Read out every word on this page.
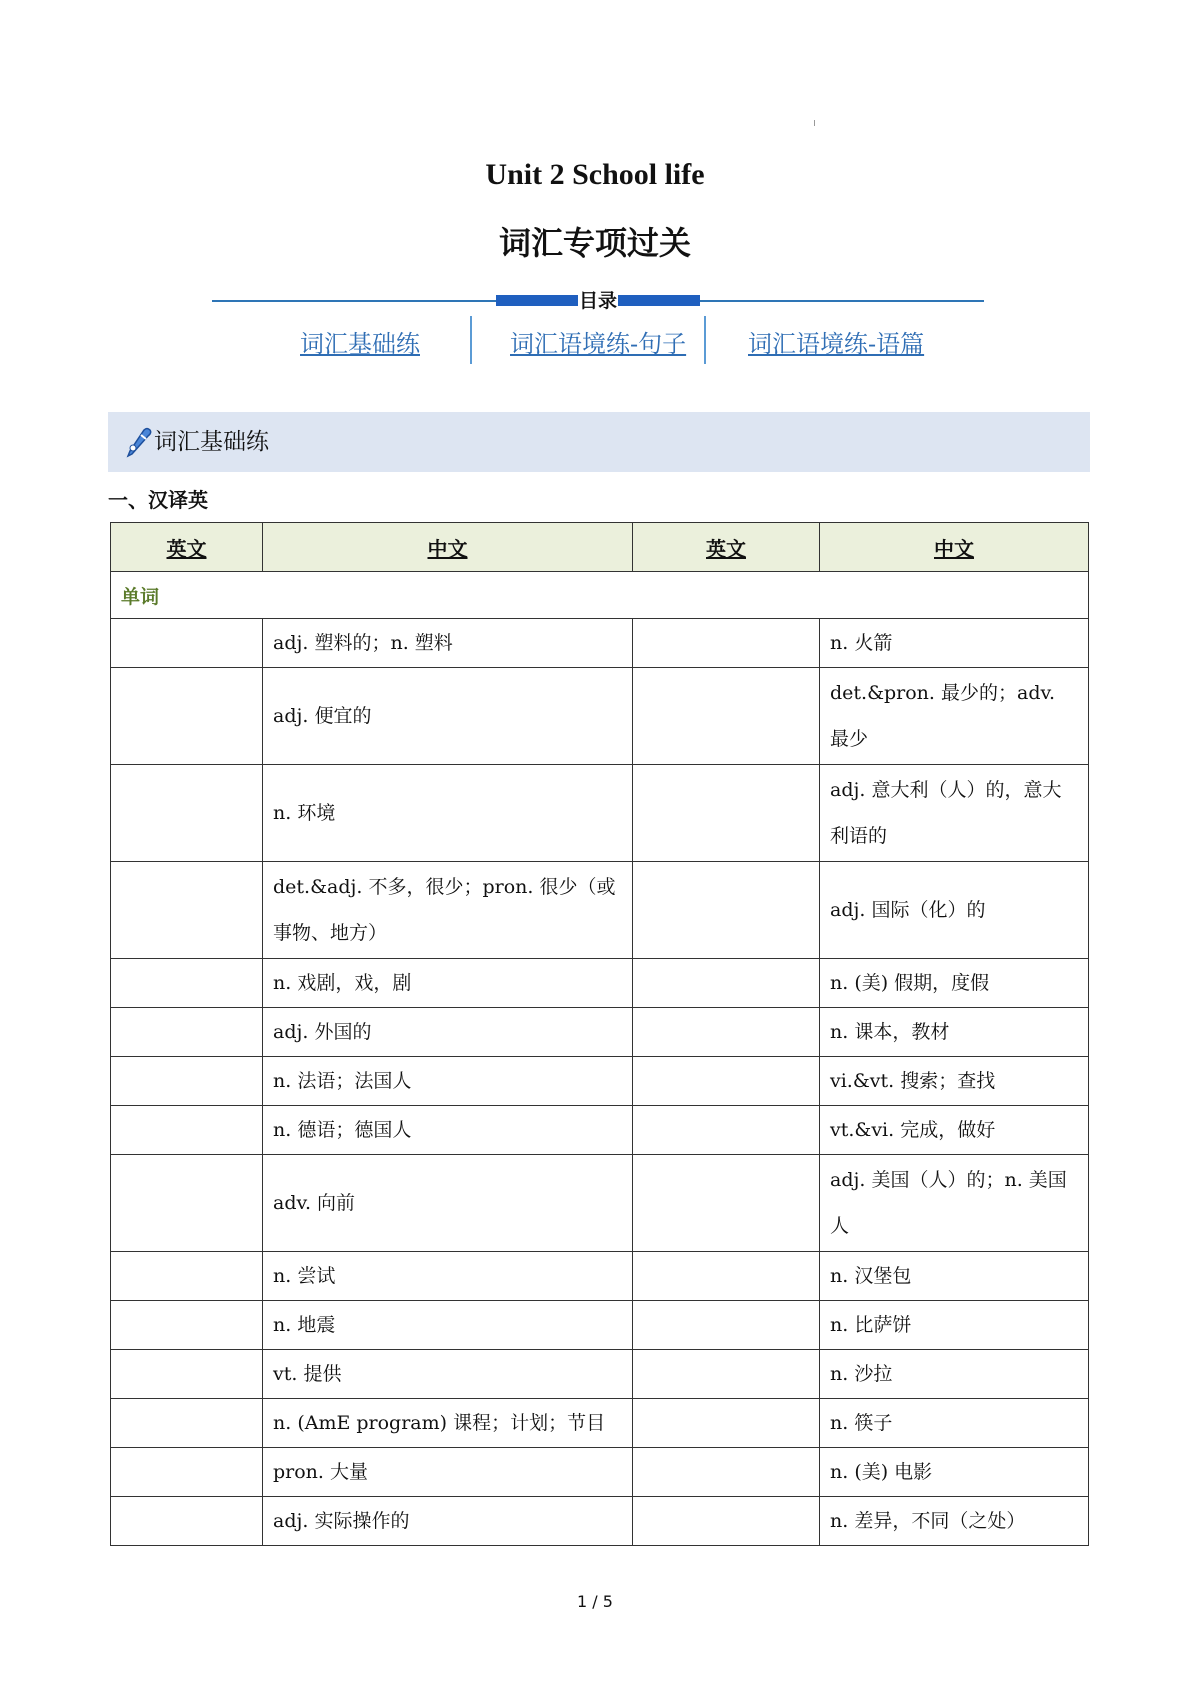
Unit 2 School life
词汇专项过关
目录
词汇基础练	词汇语境练-句子	词汇语境练-语篇
词汇基础练
一、汉译英
英文	中文	英文	中文
单词			
	adj. 塑料的；n. 塑料		n. 火箭
	adj. 便宜的		det.&pron. 最少的；adv. 最少
	n. 环境		adj. 意大利（人）的，意大利语的
	det.&adj. 不多，很少；pron. 很少（或事物、地方）		adj. 国际（化）的
	n. 戏剧，戏，剧		n. (美) 假期，度假
	adj. 外国的		n. 课本，教材
	n. 法语；法国人		vi.&vt. 搜索；查找
	n. 德语；德国人		vt.&vi. 完成，做好
	adv. 向前		adj. 美国（人）的；n. 美国人
	n. 尝试		n. 汉堡包
	n. 地震		n. 比萨饼
	vt. 提供		n. 沙拉
	n. (AmE program) 课程；计划；节目		n. 筷子
	pron. 大量		n. (美) 电影
	adj. 实际操作的		n. 差异，不同（之处）
1 / 5
